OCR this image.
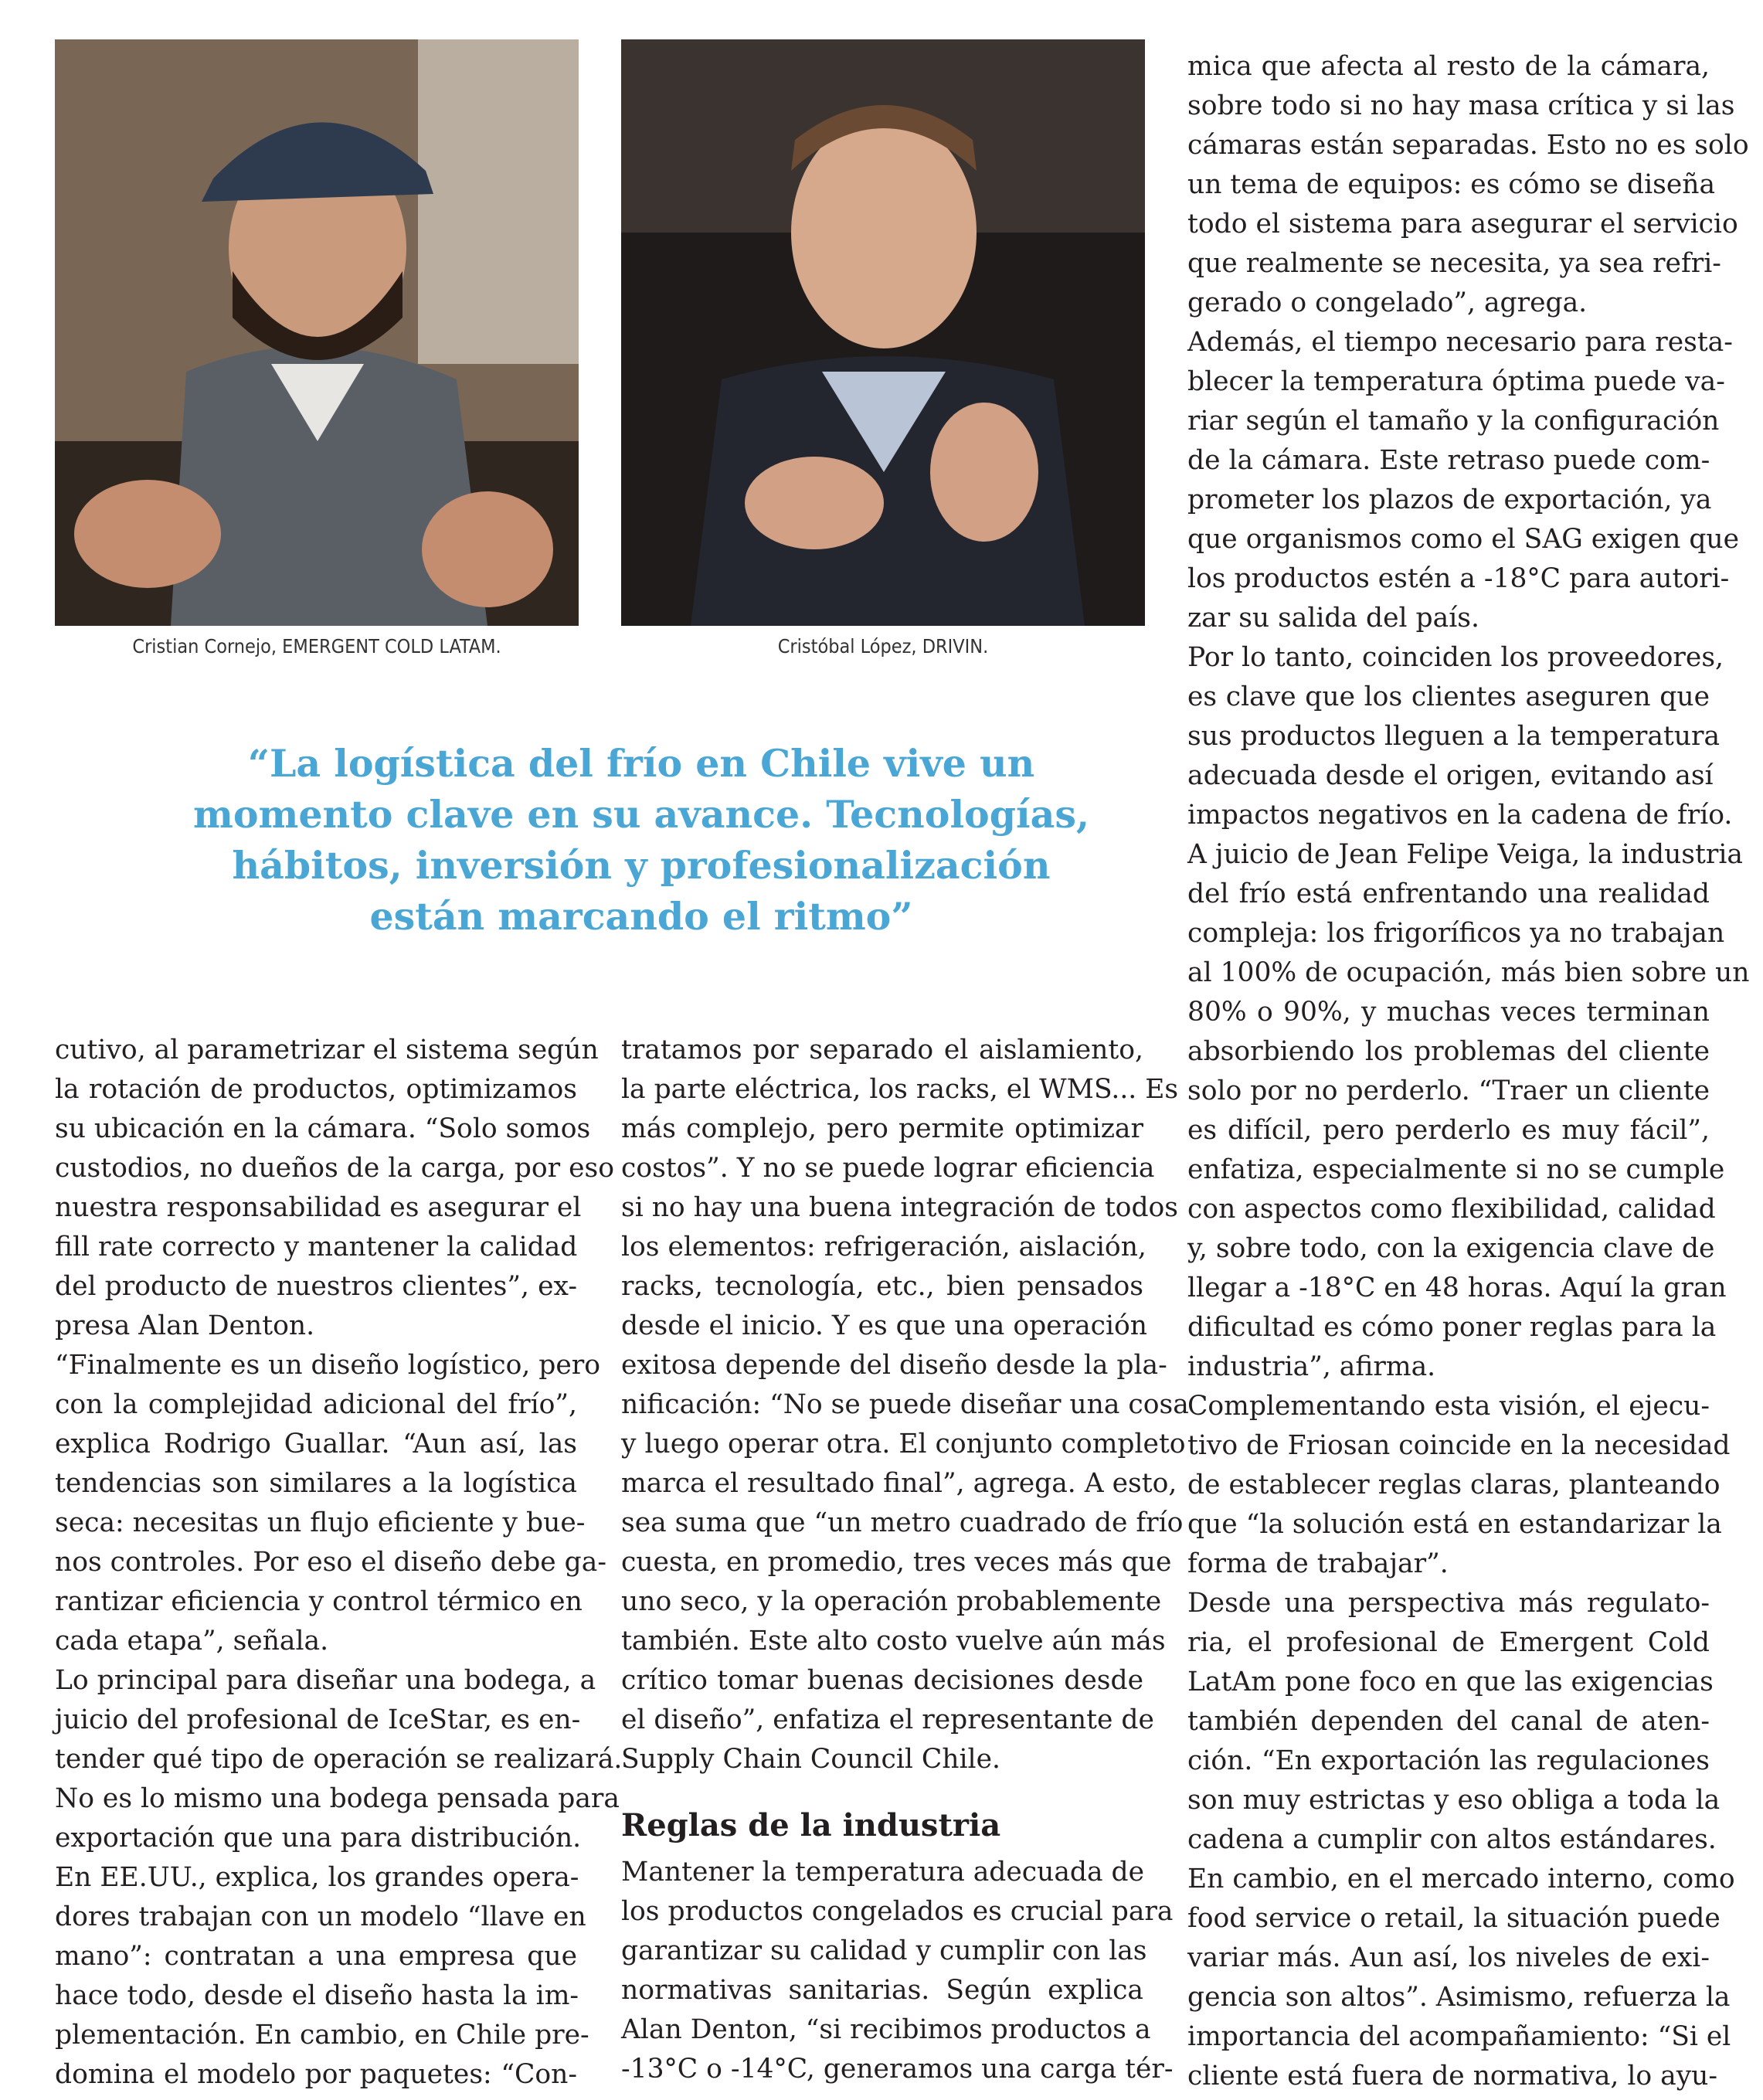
Cristian Cornejo, EMERGENT COLD LATAM.	Cristóbal López, DRIVIN.
“La logística del frío en Chile vive un
momento clave en su avance. Tecnologías,
hábitos, inversión y profesionalización
están marcando el ritmo”
cutivo, al parametrizar el sistema según
la rotación de productos, optimizamos
su ubicación en la cámara. “Solo somos
custodios, no dueños de la carga, por eso
nuestra responsabilidad es asegurar el
fill rate correcto y mantener la calidad
del producto de nuestros clientes”, ex-
presa Alan Denton.
“Finalmente es un diseño logístico, pero
con la complejidad adicional del frío”,
explica Rodrigo Guallar. “Aun así, las
tendencias son similares a la logística
seca: necesitas un flujo eficiente y bue-
nos controles. Por eso el diseño debe ga-
rantizar eficiencia y control térmico en
cada etapa”, señala.
Lo principal para diseñar una bodega, a
juicio del profesional de IceStar, es en-
tender qué tipo de operación se realizará.
No es lo mismo una bodega pensada para
exportación que una para distribución.
En EE.UU., explica, los grandes opera-
dores trabajan con un modelo “llave en
mano”: contratan a una empresa que
hace todo, desde el diseño hasta la im-
plementación. En cambio, en Chile pre-
domina el modelo por paquetes: “Con-
tratamos por separado el aislamiento,
la parte eléctrica, los racks, el WMS... Es
más complejo, pero permite optimizar
costos”. Y no se puede lograr eficiencia
si no hay una buena integración de todos
los elementos: refrigeración, aislación,
racks, tecnología, etc., bien pensados
desde el inicio. Y es que una operación
exitosa depende del diseño desde la pla-
nificación: “No se puede diseñar una cosa
y luego operar otra. El conjunto completo
marca el resultado final”, agrega. A esto,
sea suma que “un metro cuadrado de frío
cuesta, en promedio, tres veces más que
uno seco, y la operación probablemente
también. Este alto costo vuelve aún más
crítico tomar buenas decisiones desde
el diseño”, enfatiza el representante de
Supply Chain Council Chile.
Reglas de la industria
Mantener la temperatura adecuada de
los productos congelados es crucial para
garantizar su calidad y cumplir con las
normativas sanitarias. Según explica
Alan Denton, “si recibimos productos a
-13°C o -14°C, generamos una carga tér-
mica que afecta al resto de la cámara,
sobre todo si no hay masa crítica y si las
cámaras están separadas. Esto no es solo
un tema de equipos: es cómo se diseña
todo el sistema para asegurar el servicio
que realmente se necesita, ya sea refri-
gerado o congelado”, agrega.
Además, el tiempo necesario para resta-
blecer la temperatura óptima puede va-
riar según el tamaño y la configuración
de la cámara. Este retraso puede com-
prometer los plazos de exportación, ya
que organismos como el SAG exigen que
los productos estén a -18°C para autori-
zar su salida del país.
Por lo tanto, coinciden los proveedores,
es clave que los clientes aseguren que
sus productos lleguen a la temperatura
adecuada desde el origen, evitando así
impactos negativos en la cadena de frío.
A juicio de Jean Felipe Veiga, la industria
del frío está enfrentando una realidad
compleja: los frigoríficos ya no trabajan
al 100% de ocupación, más bien sobre un
80% o 90%, y muchas veces terminan
absorbiendo los problemas del cliente
solo por no perderlo. “Traer un cliente
es difícil, pero perderlo es muy fácil”,
enfatiza, especialmente si no se cumple
con aspectos como flexibilidad, calidad
y, sobre todo, con la exigencia clave de
llegar a -18°C en 48 horas. Aquí la gran
dificultad es cómo poner reglas para la
industria”, afirma.
Complementando esta visión, el ejecu-
tivo de Friosan coincide en la necesidad
de establecer reglas claras, planteando
que “la solución está en estandarizar la
forma de trabajar”.
Desde una perspectiva más regulato-
ria, el profesional de Emergent Cold
LatAm pone foco en que las exigencias
también dependen del canal de aten-
ción. “En exportación las regulaciones
son muy estrictas y eso obliga a toda la
cadena a cumplir con altos estándares.
En cambio, en el mercado interno, como
food service o retail, la situación puede
variar más. Aun así, los niveles de exi-
gencia son altos”. Asimismo, refuerza la
importancia del acompañamiento: “Si el
cliente está fuera de normativa, lo ayu-
